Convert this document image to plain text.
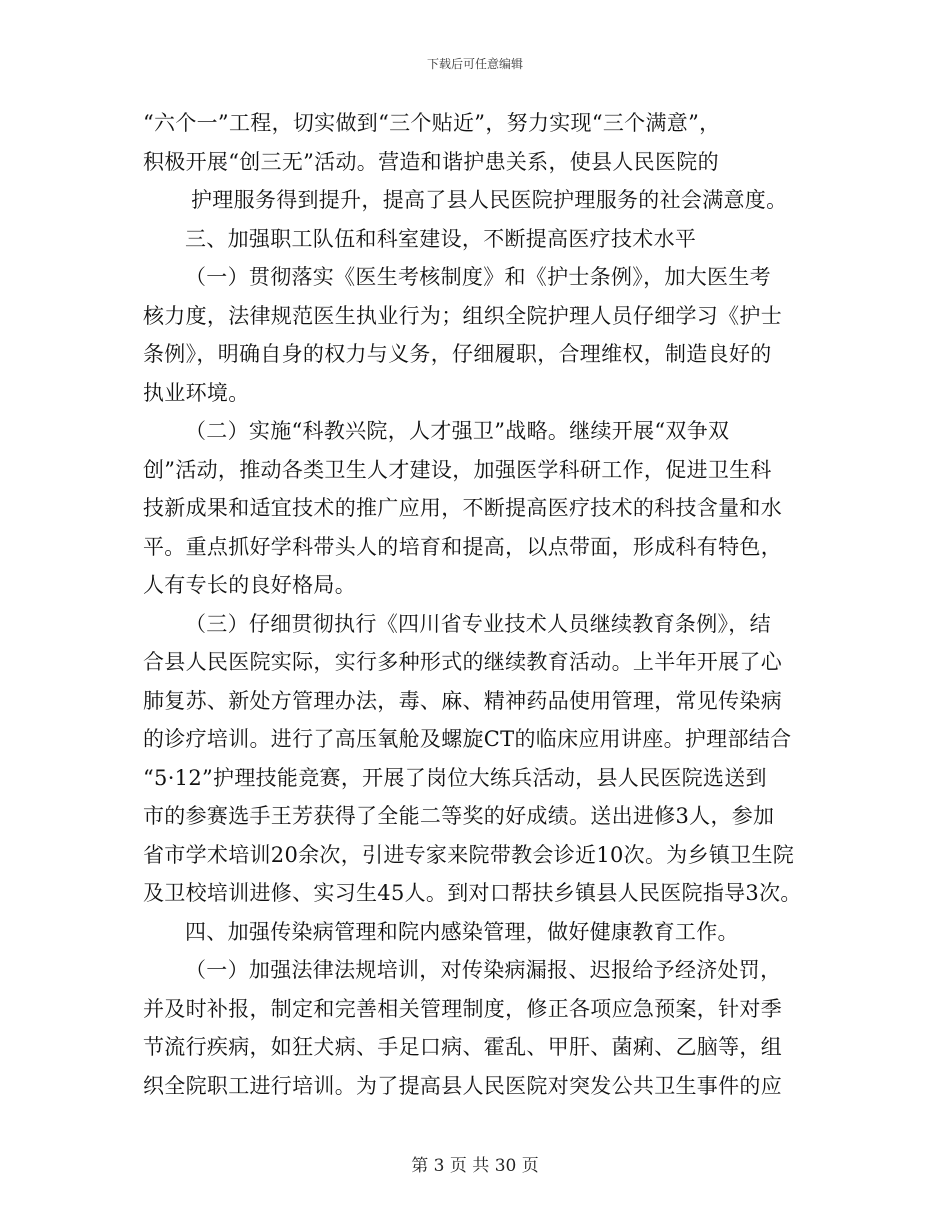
下载后可任意编辑
“六个一”工程，切实做到“三个贴近”，努力实现“三个满意”，
积极开展“创三无”活动。营造和谐护患关系，使县人民医院的
护理服务得到提升，提高了县人民医院护理服务的社会满意度。
三、加强职工队伍和科室建设，不断提高医疗技术水平
（一）贯彻落实《医生考核制度》和《护士条例》，加大医生考
核力度，法律规范医生执业行为；组织全院护理人员仔细学习《护士
条例》，明确自身的权力与义务，仔细履职，合理维权，制造良好的
执业环境。
（二）实施“科教兴院，人才强卫”战略。继续开展“双争双
创”活动，推动各类卫生人才建设，加强医学科研工作，促进卫生科
技新成果和适宜技术的推广应用，不断提高医疗技术的科技含量和水
平。重点抓好学科带头人的培育和提高，以点带面，形成科有特色，
人有专长的良好格局。
（三）仔细贯彻执行《四川省专业技术人员继续教育条例》，结
合县人民医院实际，实行多种形式的继续教育活动。上半年开展了心
肺复苏、新处方管理办法，毒、麻、精神药品使用管理，常见传染病
的诊疗培训。进行了高压氧舱及螺旋CT的临床应用讲座。护理部结合
“5·12”护理技能竞赛，开展了岗位大练兵活动，县人民医院选送到
市的参赛选手王芳获得了全能二等奖的好成绩。送出进修3人，参加
省市学术培训20余次，引进专家来院带教会诊近10次。为乡镇卫生院
及卫校培训进修、实习生45人。到对口帮扶乡镇县人民医院指导3次。
四、加强传染病管理和院内感染管理，做好健康教育工作。
（一）加强法律法规培训，对传染病漏报、迟报给予经济处罚，
并及时补报，制定和完善相关管理制度，修正各项应急预案，针对季
节流行疾病，如狂犬病、手足口病、霍乱、甲肝、菌痢、乙脑等，组
织全院职工进行培训。为了提高县人民医院对突发公共卫生事件的应
第 3 页 共 30 页
